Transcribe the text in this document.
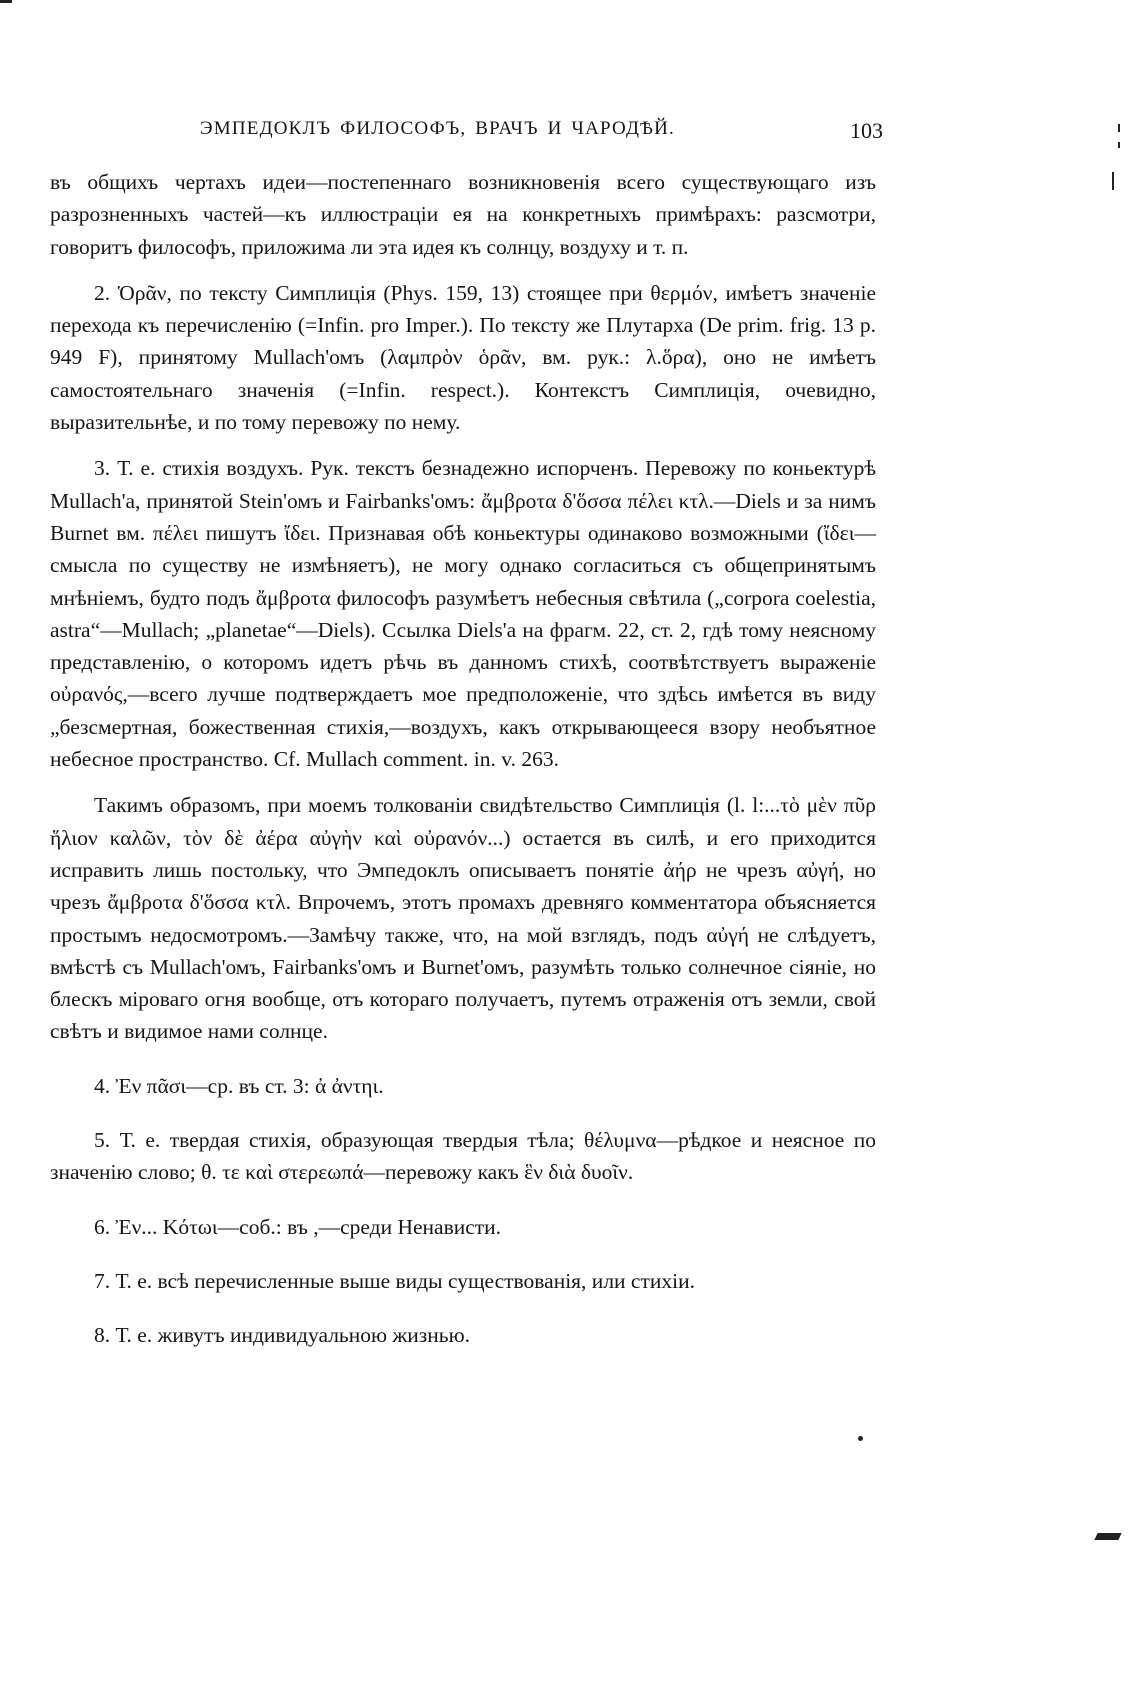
ЭМПЕДОКЛЪ ФИЛОСОФЪ, ВРАЧЪ И ЧАРОДѢЙ.	103

въ общихъ чертахъ идеи—постепеннаго возникновенія всего существующаго изъ разрозненныхъ частей—къ иллюстраціи ея на конкретныхъ примѣрахъ: разсмотри, говоритъ философъ, приложима ли эта идея къ солнцу, воздуху и т. п.

2. Ὁρᾶν, по тексту Симплиція (Phys. 159, 13) стоящее при θερμόν, имѣетъ значеніе перехода къ перечисленію (=Infin. pro Imper.). По тексту же Плутарха (De prim. frig. 13 p. 949 F), принятому Mullach'омъ (λαμπρὸν ὁρᾶν, вм. рук.: λ.ὅρα), оно не имѣетъ самостоятельнаго значенія (=Infin. respect.). Контекстъ Симплиція, очевидно, выразительнѣе, и по тому перевожу по нему.

3. Т. е. стихія воздухъ. Рук. текстъ безнадежно испорченъ. Перевожу по коньектурѣ Mullach'a, принятой Stein'омъ и Fairbanks'омъ: ἄμβροτα δ'ὅσσα πέλει κτλ.—Diels и за нимъ Burnet вм. πέλει пишутъ ἴδει. Признавая обѣ коньектуры одинаково возможными (ἴδει—смысла по существу не измѣняетъ), не могу однако согласиться съ общепринятымъ мнѣніемъ, будто подъ ἄμβροτα философъ разумѣетъ небесныя свѣтила („corpora coelestia, astra“—Mullach; „planetae“—Diels). Ссылка Diels'a на фрагм. 22, ст. 2, гдѣ тому неясному представленію, о которомъ идетъ рѣчь въ данномъ стихѣ, соотвѣтствуетъ выраженіе οὐρανός,—всего лучше подтверждаетъ мое предположеніе, что здѣсь имѣется въ виду „безсмертная, божественная стихія,—воздухъ, какъ открывающееся взору необъятное небесное пространство. Cf. Mullach comment. in. v. 263.

Такимъ образомъ, при моемъ толкованіи свидѣтельство Симплиція (l. l:...τὸ μὲν πῦρ ἥλιον καλῶν, τὸν δὲ ἀέρα αὐγὴν καὶ οὐρανόν...) остается въ силѣ, и его приходится исправить лишь постольку, что Эмпедоклъ описываетъ понятіе ἀήρ не чрезъ αὐγή, но чрезъ ἄμβροτα δ'ὅσσα κτλ. Впрочемъ, этотъ промахъ древняго комментатора объясняется простымъ недосмотромъ.—Замѣчу также, что, на мой взглядъ, подъ αὐγή не слѣдуетъ, вмѣстѣ съ Mullach'омъ, Fairbanks'омъ и Burnet'омъ, разумѣть только солнечное сіяніе, но блескъ міроваго огня вообще, отъ котораго получаетъ, путемъ отраженія отъ земли, свой свѣтъ и видимое нами солнце.

4. Ἐν πᾶσι—ср. въ ст. 3: ἀ ἀντηι.

5. Т. е. твердая стихія, образующая твердыя тѣла; θέλυμνα—рѣдкое и неясное по значенію слово; θ. τε καὶ στερεωπά—перевожу какъ ἓν διὰ δυοῖν.

6. Ἐν... Κότωι—соб.: въ ,—среди Ненависти.

7. Т. е. всѣ перечисленные выше виды существованія, или стихіи.

8. Т. е. живутъ индивидуальною жизнью.
